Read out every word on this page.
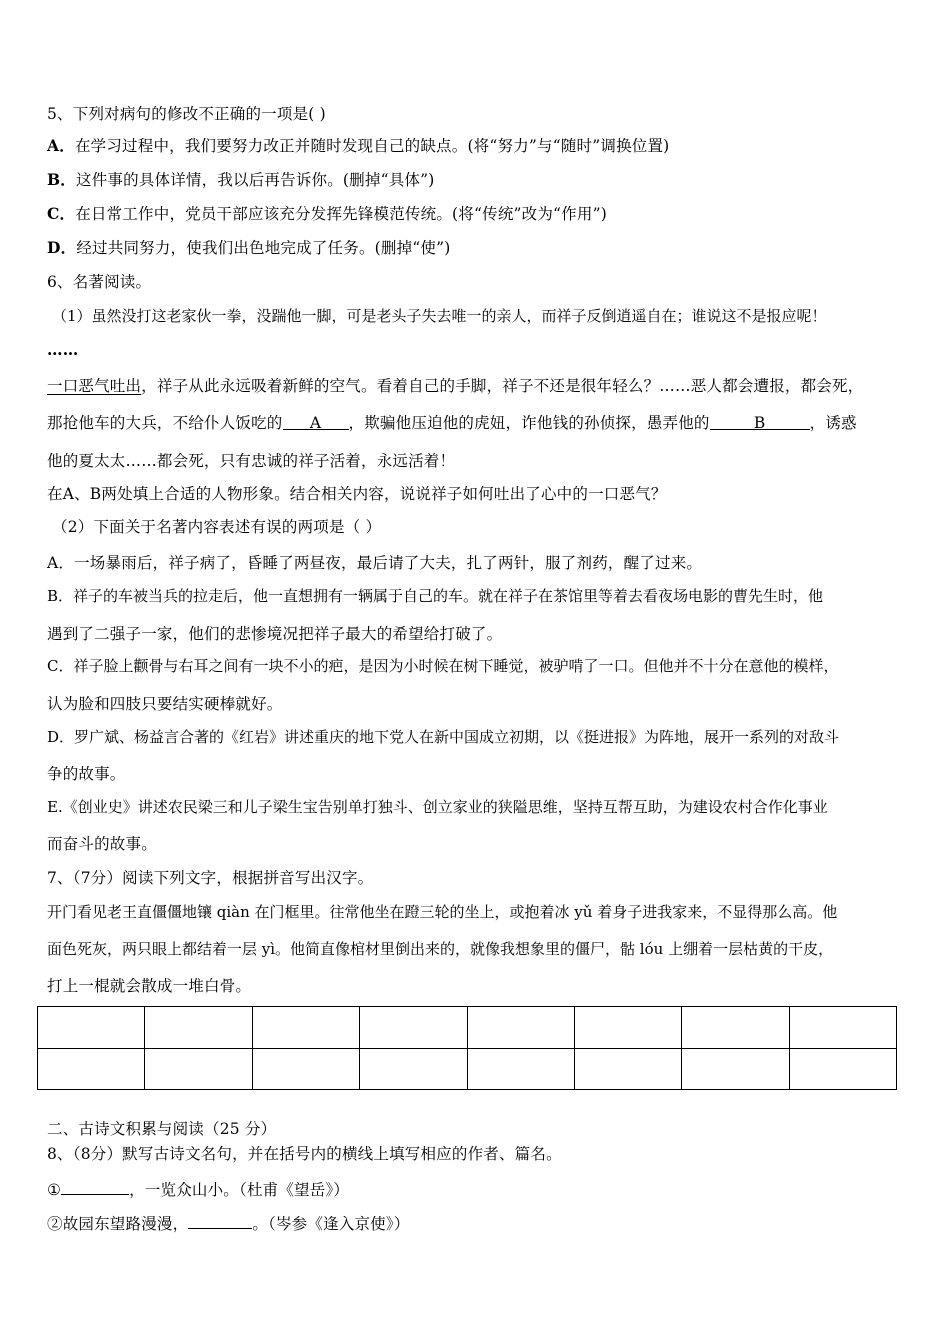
5、下列对病句的修改不正确的一项是( )
A．在学习过程中，我们要努力改正并随时发现自己的缺点。(将“努力”与“随时”调换位置)
B．这件事的具体详情，我以后再告诉你。(删掉“具体”)
C．在日常工作中，党员干部应该充分发挥先锋模范传统。(将“传统”改为“作用”)
D．经过共同努力，使我们出色地完成了任务。(删掉“使”)
6、名著阅读。
（1）虽然没打这老家伙一拳，没踹他一脚，可是老头子失去唯一的亲人，而祥子反倒逍遥自在；谁说这不是报应呢！
……
一口恶气吐出，祥子从此永远吸着新鲜的空气。看着自己的手脚，祥子不还是很年轻么？……恶人都会遭报，都会死，
那抢他车的大兵，不给仆人饭吃的 A ，欺骗他压迫他的虎妞，诈他钱的孙侦探，愚弄他的	B	，诱惑
他的夏太太……都会死，只有忠诚的祥子活着，永远活着！
在A、B两处填上合适的人物形象。结合相关内容，说说祥子如何吐出了心中的一口恶气？
（2）下面关于名著内容表述有误的两项是（ ）
A．一场暴雨后，祥子病了，昏睡了两昼夜，最后请了大夫，扎了两针，服了剂药，醒了过来。
B．祥子的车被当兵的拉走后，他一直想拥有一辆属于自己的车。就在祥子在茶馆里等着去看夜场电影的曹先生时，他
遇到了二强子一家，他们的悲惨境况把祥子最大的希望给打破了。
C．祥子脸上颧骨与右耳之间有一块不小的疤，是因为小时候在树下睡觉，被驴啃了一口。但他并不十分在意他的模样，
认为脸和四肢只要结实硬棒就好。
D．罗广斌、杨益言合著的《红岩》讲述重庆的地下党人在新中国成立初期，以《挺进报》为阵地，展开一系列的对敌斗
争的故事。
E.《创业史》讲述农民梁三和儿子梁生宝告别单打独斗、创立家业的狭隘思维，坚持互帮互助，为建设农村合作化事业
而奋斗的故事。
7、（7分）阅读下列文字，根据拼音写出汉字。
开门看见老王直僵僵地镶 qiàn 在门框里。往常他坐在蹬三轮的坐上，或抱着冰 yǔ 着身子进我家来，不显得那么高。他
面色死灰，两只眼上都结着一层 yì。他简直像棺材里倒出来的，就像我想象里的僵尸，骷 lóu 上绷着一层枯黄的干皮，
打上一棍就会散成一堆白骨。

二、古诗文积累与阅读（25 分）
8、（8分）默写古诗文名句，并在括号内的横线上填写相应的作者、篇名。
①	，一览众山小。（杜甫《望岳》）
②故园东望路漫漫，	。（岑参《逢入京使》）
